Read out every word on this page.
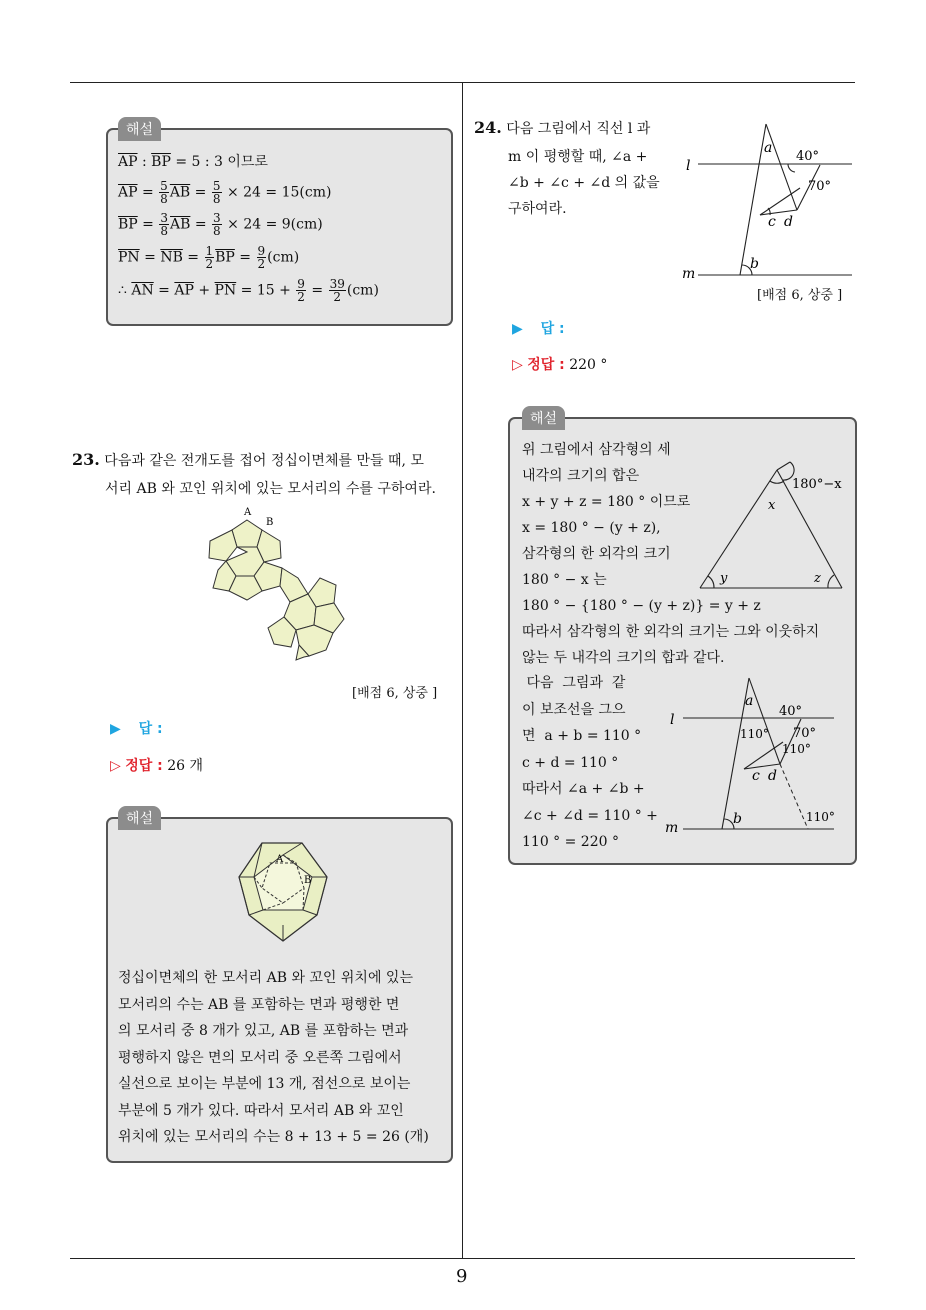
9
해설
$\overline{AP}$ : $\overline{BP} = 5$ : 3 이므로
$\overline{AP} = \frac{5}{8} \overline{AB} = \frac{5}{8} \times 24 = 15(cm)$
$\overline{BP} = \frac{3}{8} \overline{AB} = \frac{3}{8} \times 24 = 9(cm)$
$\overline{PN} = \overline{NB} = \frac{1}{2} \overline{BP} = \frac{9}{2} (cm)$
∴ $\overline{AN} = \overline{AP} + \overline{PN} = 15 + \frac{9}{2} = \frac{39}{2} (cm)$
23. 다음과 같은 전개도를 접어 정십이면체를 만들 때, 모
서리 AB 와 꼬인 위치에 있는 모서리의 수를 구하여라.
A
B
[배점 6, 상중 ]
▶ 답 :
▷ 정답 : 26 개
해설
A
B
정십이면체의 한 모서리 AB 와 꼬인 위치에 있는
모서리의 수는 AB 를 포함하는 면과 평행한 면
의 모서리 중 8 개가 있고, AB 를 포함하는 면과
평행하지 않은 면의 모서리 중 오른쪽 그림에서
실선으로 보이는 부분에 13 개, 점선으로 보이는
부분에 5 개가 있다. 따라서 모서리 AB 와 꼬인
위치에 있는 모서리의 수는 8 + 13 + 5 = 26 (개)
24. 다음 그림에서 직선 l 과
m 이 평행할 때, ∠a +
∠b + ∠c + ∠d 의 값을
구하여라.
l
m
a
b
c d
40°
70°
[배점 6, 상중 ]
▶ 답 :
▷ 정답 : 220 °
해설
위 그림에서 삼각형의 세
내각의 크기의 합은
x + y + z = 180 ° 이므로
x = 180 ° − (y + z),
삼각형의 한 외각의 크기
180 ° − x 는
180 ° − {180 ° − (y + z)} = y + z
따라서 삼각형의 한 외각의 크기는 그와 이웃하지
않는 두 내각의 크기의 합과 같다.
180°−x
x
y	z
다음  그림과  같
이 보조선을 그으
면  a + b = 110 °
c + d = 110 °
따라서 ∠a + ∠b +
∠c + ∠d = 110 ° +
110 ° = 220 °
l
m
a
b
c d
40°
70°
110°
110°
110°
